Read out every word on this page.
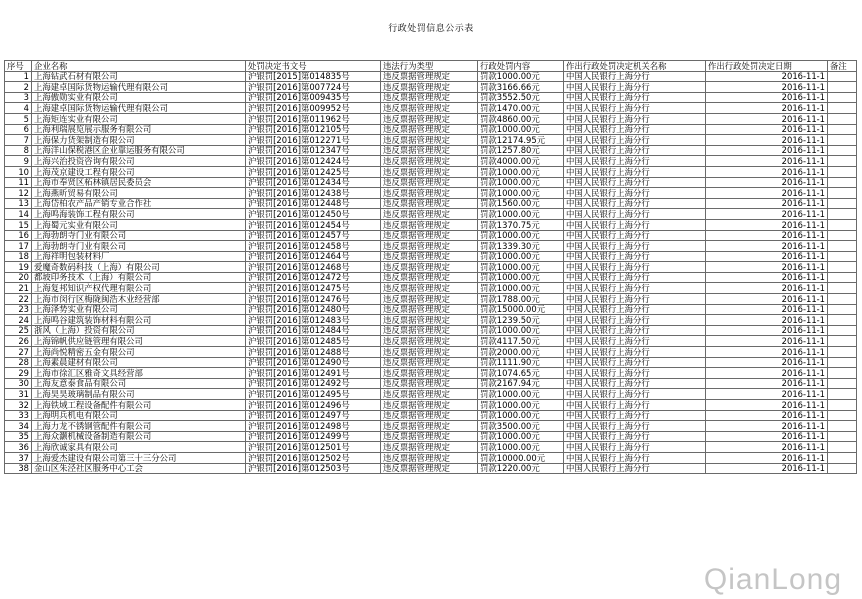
行政处罚信息公示表
序号	企业名称	处罚决定书文号	违法行为类型	行政处罚内容	作出行政处罚决定机关名称	作出行政处罚决定日期	备注
1	上海钻武石材有限公司	沪银罚[2015]第014835号	违反票据管理规定	罚款1000.00元	中国人民银行上海分行	2016-11-1	
2	上海建卓国际货物运输代理有限公司	沪银罚[2016]第007724号	违反票据管理规定	罚款3166.66元	中国人民银行上海分行	2016-11-1	
3	上海傲勋实业有限公司	沪银罚[2016]第009435号	违反票据管理规定	罚款3552.50元	中国人民银行上海分行	2016-11-1	
4	上海建卓国际货物运输代理有限公司	沪银罚[2016]第009952号	违反票据管理规定	罚款1470.00元	中国人民银行上海分行	2016-11-1	
5	上海矩连实业有限公司	沪银罚[2016]第011962号	违反票据管理规定	罚款4860.00元	中国人民银行上海分行	2016-11-1	
6	上海利瑞展览展示服务有限公司	沪银罚[2016]第012105号	违反票据管理规定	罚款1000.00元	中国人民银行上海分行	2016-11-1	
7	上海保力货架制造有限公司	沪银罚[2016]第012271号	违反票据管理规定	罚款12174.95元	中国人民银行上海分行	2016-11-1	
8	上海洋山保税港区企业靠运服务有限公司	沪银罚[2016]第012347号	违反票据管理规定	罚款1257.80元	中国人民银行上海分行	2016-11-1	
9	上海兴治投资咨询有限公司	沪银罚[2016]第012424号	违反票据管理规定	罚款4000.00元	中国人民银行上海分行	2016-11-1	
10	上海茂京建设工程有限公司	沪银罚[2016]第012425号	违反票据管理规定	罚款1000.00元	中国人民银行上海分行	2016-11-1	
11	上海市奉贤区柘林镇居民委员会	沪银罚[2016]第012434号	违反票据管理规定	罚款1000.00元	中国人民银行上海分行	2016-11-1	
12	上海燕昕贸易有限公司	沪银罚[2016]第012438号	违反票据管理规定	罚款1000.00元	中国人民银行上海分行	2016-11-1	
13	上海岱柏农产品产销专业合作社	沪银罚[2016]第012448号	违反票据管理规定	罚款1560.00元	中国人民银行上海分行	2016-11-1	
14	上海鸣海装饰工程有限公司	沪银罚[2016]第012450号	违反票据管理规定	罚款1000.00元	中国人民银行上海分行	2016-11-1	
15	上海蜀元实业有限公司	沪银罚[2016]第012454号	违反票据管理规定	罚款1370.75元	中国人民银行上海分行	2016-11-1	
16	上海勃朗寺门业有限公司	沪银罚[2016]第012457号	违反票据管理规定	罚款1000.00元	中国人民银行上海分行	2016-11-1	
17	上海勃朗寺门业有限公司	沪银罚[2016]第012458号	违反票据管理规定	罚款1339.30元	中国人民银行上海分行	2016-11-1	
18	上海祥明包装材料厂	沪银罚[2016]第012464号	违反票据管理规定	罚款1000.00元	中国人民银行上海分行	2016-11-1	
19	爱魔奇数码科技（上海）有限公司	沪银罚[2016]第012468号	违反票据管理规定	罚款1000.00元	中国人民银行上海分行	2016-11-1	
20	都坡印务技术（上海）有限公司	沪银罚[2016]第012472号	违反票据管理规定	罚款1000.00元	中国人民银行上海分行	2016-11-1	
21	上海复邦知识产权代理有限公司	沪银罚[2016]第012475号	违反票据管理规定	罚款1000.00元	中国人民银行上海分行	2016-11-1	
22	上海市闵行区梅陇闽浩木业经营部	沪银罚[2016]第012476号	违反票据管理规定	罚款1788.00元	中国人民银行上海分行	2016-11-1	
23	上海泽势实业有限公司	沪银罚[2016]第012480号	违反票据管理规定	罚款15000.00元	中国人民银行上海分行	2016-11-1	
24	上海鸣谷建筑装饰材料有限公司	沪银罚[2016]第012483号	违反票据管理规定	罚款1239.50元	中国人民银行上海分行	2016-11-1	
25	浙风（上海）投资有限公司	沪银罚[2016]第012484号	违反票据管理规定	罚款1000.00元	中国人民银行上海分行	2016-11-1	
26	上海锦帆供应链管理有限公司	沪银罚[2016]第012485号	违反票据管理规定	罚款4117.50元	中国人民银行上海分行	2016-11-1	
27	上海尚悦精密五金有限公司	沪银罚[2016]第012488号	违反票据管理规定	罚款2000.00元	中国人民银行上海分行	2016-11-1	
28	上海素晨建材有限公司	沪银罚[2016]第012490号	违反票据管理规定	罚款1111.90元	中国人民银行上海分行	2016-11-1	
29	上海市徐汇区雅奇文具经营部	沪银罚[2016]第012491号	违反票据管理规定	罚款1074.65元	中国人民银行上海分行	2016-11-1	
30	上海友意泰食品有限公司	沪银罚[2016]第012492号	违反票据管理规定	罚款2167.94元	中国人民银行上海分行	2016-11-1	
31	上海昊昊玻璃制品有限公司	沪银罚[2016]第012495号	违反票据管理规定	罚款1000.00元	中国人民银行上海分行	2016-11-1	
32	上海铁域工程设备配件有限公司	沪银罚[2016]第012496号	违反票据管理规定	罚款1000.00元	中国人民银行上海分行	2016-11-1	
33	上海明兵机电有限公司	沪银罚[2016]第012497号	违反票据管理规定	罚款1000.00元	中国人民银行上海分行	2016-11-1	
34	上海力龙不锈钢管配件有限公司	沪银罚[2016]第012498号	违反票据管理规定	罚款3500.00元	中国人民银行上海分行	2016-11-1	
35	上海众灏机械设备制造有限公司	沪银罚[2016]第012499号	违反票据管理规定	罚款1000.00元	中国人民银行上海分行	2016-11-1	
36	上海欣诚家具有限公司	沪银罚[2016]第012501号	违反票据管理规定	罚款1000.00元	中国人民银行上海分行	2016-11-1	
37	上海爱杰建设有限公司第三十三分公司	沪银罚[2016]第012502号	违反票据管理规定	罚款10000.00元	中国人民银行上海分行	2016-11-1	
38	金山区朱泾社区服务中心工会	沪银罚[2016]第012503号	违反票据管理规定	罚款1220.00元	中国人民银行上海分行	2016-11-1	
QianLong
